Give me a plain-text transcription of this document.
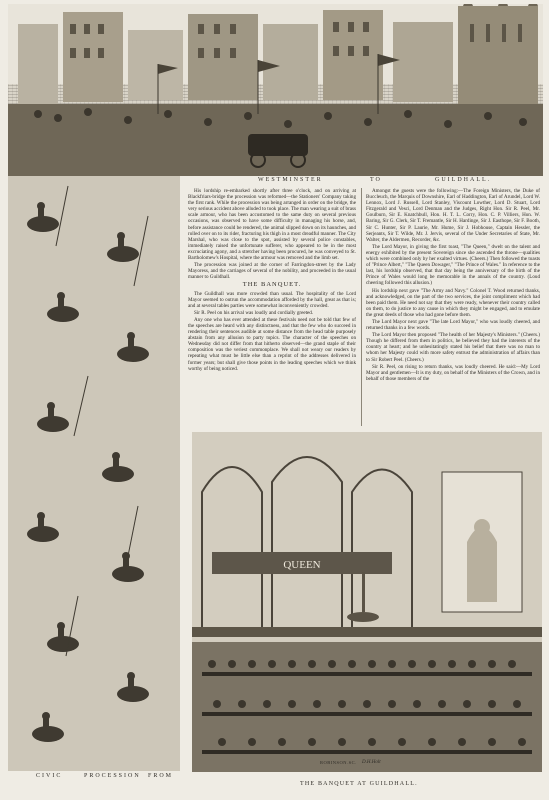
WESTMINSTER	TO	GUILDHALL.
CIVIC	PROCESSION FROM

His lordship re-embarked shortly after three o'clock, and on arriving at Blackfriars-bridge the procession was reformed—the Stationers' Company taking the first rank. While the procession was being arranged in order on the bridge, the very serious accident above alluded to took place. The man wearing a suit of brass scale armour, who has been accustomed to the same duty on several previous occasions, was observed to have some difficulty in managing his horse, and, before assistance could be rendered, the animal slipped down on its haunches, and rolled over on to its rider, fracturing his thigh in a most dreadful manner. The City Marshal, who was close to the spot, assisted by several police constables, immediately raised the unfortunate sufferer, who appeared to be in the most excruciating agony, and a stretcher having been procured, he was conveyed to St. Bartholomew's Hospital, where the armour was removed and the limb set.

The procession was joined at the corner of Farringdon-street by the Lady Mayoress, and the carriages of several of the nobility, and proceeded in the usual manner to Guildhall.

THE BANQUET.

The Guildhall was more crowded than usual. The hospitality of the Lord Mayor seemed to outrun the accommodation afforded by the hall, great as that is; and at several tables parties were somewhat inconveniently crowded.

Sir R. Peel on his arrival was loudly and cordially greeted.

Any one who has ever attended at these festivals need not be told that few of the speeches are heard with any distinctness, and that the few who do succeed in rendering their sentences audible at some distance from the head table purposely abstain from any allusion to party topics. The character of the speeches on Wednesday did not differ from that hitherto observed—the grand staple of their composition was the veriest commonplace. We shall not weary our readers by repeating what must be little else than a reprint of the addresses delivered in former years; but shall give those points in the leading speeches which we think worthy of being noticed.

Amongst the guests were the following:—The Foreign Ministers, the Duke of Buccleuch, the Marquis of Downshire, Earl of Haddington, Earl of Arundel, Lord W. Lennox, Lord J. Russell, Lord Stanley, Viscount Lowther, Lord D. Stuart, Lord Fitzgerald and Vesci, Lord Denman and the Judges, Right Hon. Sir R. Peel, Mr. Goulburn, Sir E. Knatchbull, Hon. H. T. L. Corry, Hon. C. P. Villiers, Hon. W. Baring, Sir G. Clerk, Sir T. Fremantle, Sir H. Hardinge, Sir J. Easthope, Sir F. Booth, Sir C. Hunter, Sir P. Laurie, Mr. Hume, Sir J. Hobhouse, Captain Hessler, the Serjeants, Sir T. Wilde, Mr. J. Jervis, several of the Under Secretaries of State, Mr. Walter, the Aldermen, Recorder, &c.

The Lord Mayor, in giving the first toast, "The Queen," dwelt on the talent and energy exhibited by the present Sovereign since she ascended the throne—qualities which were combined only by her exalted virtues. (Cheers.) Then followed the toasts of "Prince Albert," "The Queen Dowager," "The Prince of Wales." In reference to the last, his lordship observed, that that day being the anniversary of the birth of the Prince of Wales would long be memorable in the annals of the country. (Loud cheering followed this allusion.)

His lordship next gave "The Army and Navy." Colonel T. Wood returned thanks, and acknowledged, on the part of the two services, the joint compliment which had been paid them. He need not say that they were ready, whenever their country called on them, to do justice to any cause in which they might be engaged, and to emulate the great deeds of those who had gone before them.

The Lord Mayor next gave "The late Lord Mayor," who was loudly cheered, and returned thanks in a few words.

The Lord Mayor then proposed "The health of her Majesty's Ministers." (Cheers.) Though he differed from them in politics, he believed they had the interests of the country at heart; and he unhesitatingly stated his belief that there was no man to whom her Majesty could with more safety entrust the administration of affairs than to Sir Robert Peel. (Cheers.)

Sir R. Peel, on rising to return thanks, was loudly cheered. He said:—My Lord Mayor and gentlemen—It is my duty, on behalf of the Ministers of the Crown, and in behalf of those members of the

QUEEN
ROBINSON.SC. D.H.Holt
THE BANQUET AT GUILDHALL.
